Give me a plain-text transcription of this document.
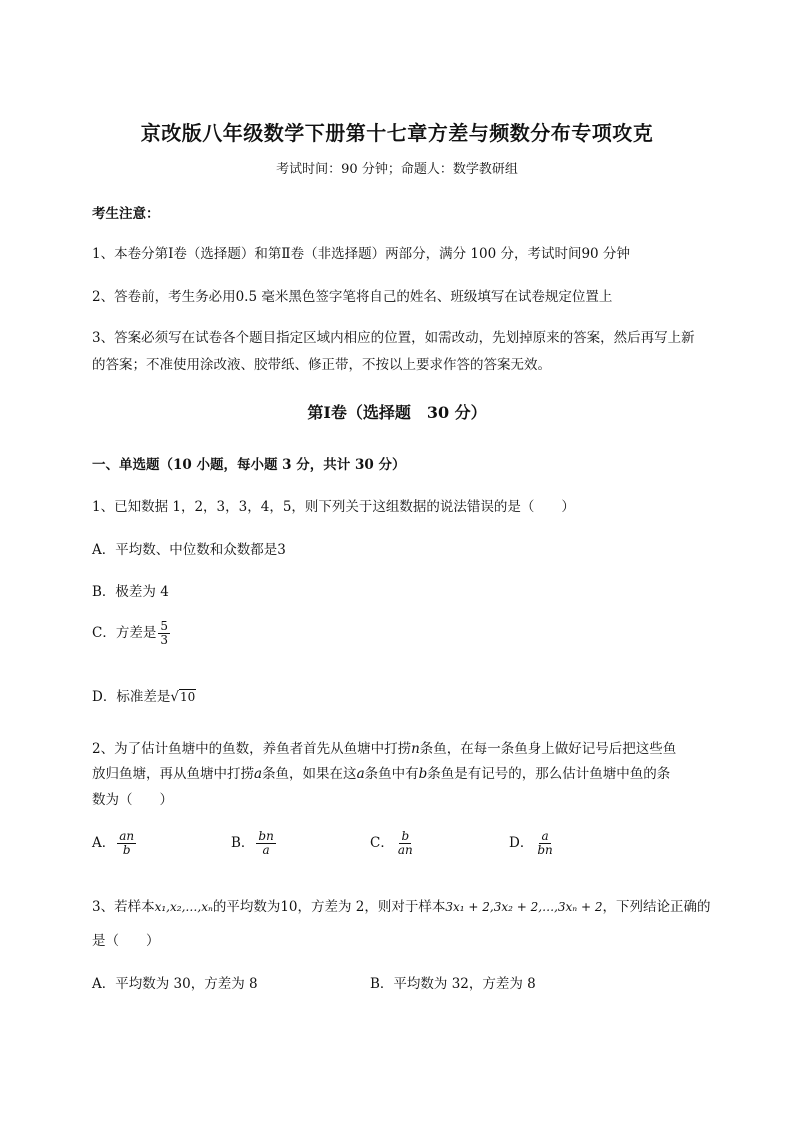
京改版八年级数学下册第十七章方差与频数分布专项攻克
考试时间：90 分钟；命题人：数学教研组
考生注意：
1、本卷分第Ⅰ卷（选择题）和第Ⅱ卷（非选择题）两部分，满分 100 分，考试时间90 分钟
2、答卷前，考生务必用0.5 毫米黑色签字笔将自己的姓名、班级填写在试卷规定位置上
3、答案必须写在试卷各个题目指定区域内相应的位置，如需改动，先划掉原来的答案，然后再写上新
的答案；不准使用涂改液、胶带纸、修正带，不按以上要求作答的答案无效。
第Ⅰ卷（选择题　30 分）
一、单选题（10 小题，每小题 3 分，共计 30 分）
1、已知数据 1，2，3，3，4，5，则下列关于这组数据的说法错误的是（　　）
A．平均数、中位数和众数都是3
B．极差为 4
C．方差是 $\frac{5}{3}$
D．标准差是√10
2、为了估计鱼塘中的鱼数，养鱼者首先从鱼塘中打捞n条鱼，在每一条鱼身上做好记号后把这些鱼
放归鱼塘，再从鱼塘中打捞a条鱼，如果在这a条鱼中有b条鱼是有记号的，那么估计鱼塘中鱼的条
数为（　　）
A． $\frac{an}{b}$	B． $\frac{bn}{a}$	C． $\frac{b}{an}$	D． $\frac{a}{bn}$
3、若样本x₁,x₂,…,xₙ的平均数为10，方差为 2，则对于样本3x₁ + 2,3x₂ + 2,…,3xₙ + 2，下列结论正确的
是（　　）
A．平均数为 30，方差为 8	B．平均数为 32，方差为 8
